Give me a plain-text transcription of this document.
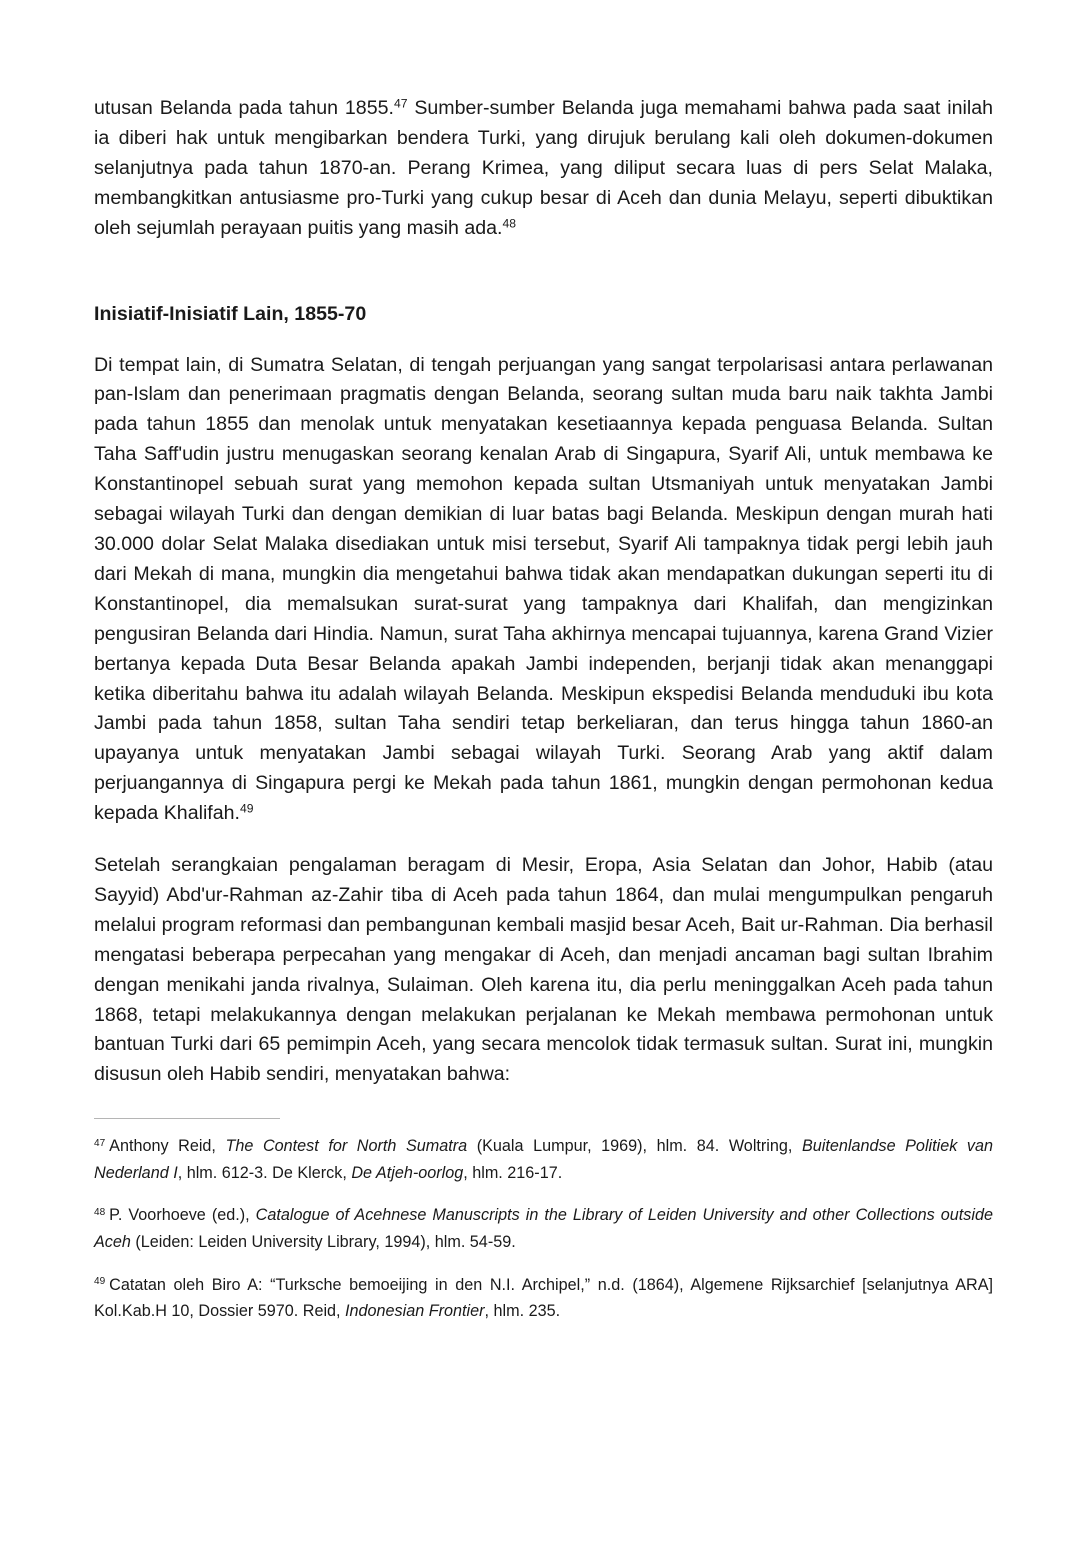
utusan Belanda pada tahun 1855.47 Sumber-sumber Belanda juga memahami bahwa pada saat inilah ia diberi hak untuk mengibarkan bendera Turki, yang dirujuk berulang kali oleh dokumen-dokumen selanjutnya pada tahun 1870-an. Perang Krimea, yang diliput secara luas di pers Selat Malaka, membangkitkan antusiasme pro-Turki yang cukup besar di Aceh dan dunia Melayu, seperti dibuktikan oleh sejumlah perayaan puitis yang masih ada.$^{48}$

Inisiatif-Inisiatif Lain, 1855-70

Di tempat lain, di Sumatra Selatan, di tengah perjuangan yang sangat terpolarisasi antara perlawanan pan-Islam dan penerimaan pragmatis dengan Belanda, seorang sultan muda baru naik takhta Jambi pada tahun 1855 dan menolak untuk menyatakan kesetiaannya kepada penguasa Belanda. Sultan Taha Saff'udin justru menugaskan seorang kenalan Arab di Singapura, Syarif Ali, untuk membawa ke Konstantinopel sebuah surat yang memohon kepada sultan Utsmaniyah untuk menyatakan Jambi sebagai wilayah Turki dan dengan demikian di luar batas bagi Belanda. Meskipun dengan murah hati 30.000 dolar Selat Malaka disediakan untuk misi tersebut, Syarif Ali tampaknya tidak pergi lebih jauh dari Mekah di mana, mungkin dia mengetahui bahwa tidak akan mendapatkan dukungan seperti itu di Konstantinopel, dia memalsukan surat-surat yang tampaknya dari Khalifah, dan mengizinkan pengusiran Belanda dari Hindia. Namun, surat Taha akhirnya mencapai tujuannya, karena Grand Vizier bertanya kepada Duta Besar Belanda apakah Jambi independen, berjanji tidak akan menanggapi ketika diberitahu bahwa itu adalah wilayah Belanda. Meskipun ekspedisi Belanda menduduki ibu kota Jambi pada tahun 1858, sultan Taha sendiri tetap berkeliaran, dan terus hingga tahun 1860-an upayanya untuk menyatakan Jambi sebagai wilayah Turki. Seorang Arab yang aktif dalam perjuangannya di Singapura pergi ke Mekah pada tahun 1861, mungkin dengan permohonan kedua kepada Khalifah.$^{49}$

Setelah serangkaian pengalaman beragam di Mesir, Eropa, Asia Selatan dan Johor, Habib (atau Sayyid) Abd'ur-Rahman az-Zahir tiba di Aceh pada tahun 1864, dan mulai mengumpulkan pengaruh melalui program reformasi dan pembangunan kembali masjid besar Aceh, Bait ur-Rahman. Dia berhasil mengatasi beberapa perpecahan yang mengakar di Aceh, dan menjadi ancaman bagi sultan Ibrahim dengan menikahi janda rivalnya, Sulaiman. Oleh karena itu, dia perlu meninggalkan Aceh pada tahun 1868, tetapi melakukannya dengan melakukan perjalanan ke Mekah membawa permohonan untuk bantuan Turki dari 65 pemimpin Aceh, yang secara mencolok tidak termasuk sultan. Surat ini, mungkin disusun oleh Habib sendiri, menyatakan bahwa:

$^{47}$ Anthony Reid, The Contest for North Sumatra (Kuala Lumpur, 1969), hlm. 84. Woltring, Buitenlandse Politiek van Nederland I, hlm. 612-3. De Klerck, De Atjeh-oorlog, hlm. 216-17.

$^{48}$ P. Voorhoeve (ed.), Catalogue of Acehnese Manuscripts in the Library of Leiden University and other Collections outside Aceh (Leiden: Leiden University Library, 1994), hlm. 54-59.

$^{49}$ Catatan oleh Biro A: “Turksche bemoeijing in den N.I. Archipel,” n.d. (1864), Algemene Rijksarchief [selanjutnya ARA] Kol.Kab.H 10, Dossier 5970. Reid, Indonesian Frontier, hlm. 235.
